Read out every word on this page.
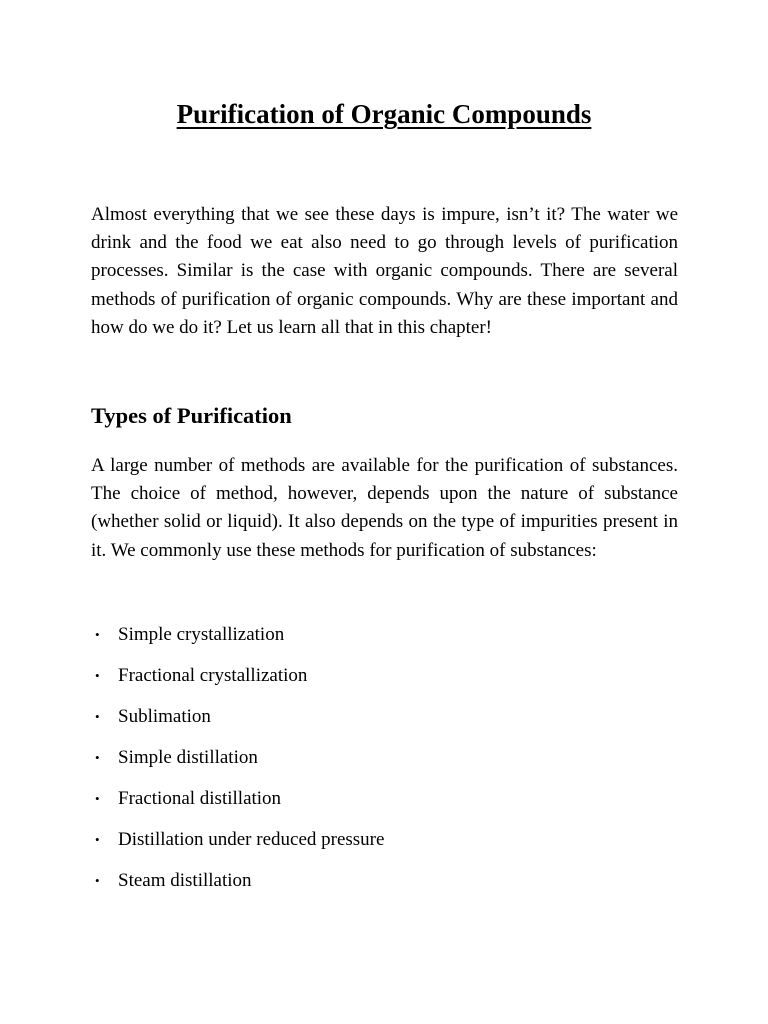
Purification of Organic Compounds

Almost everything that we see these days is impure, isn’t it? The water we drink and the food we eat also need to go through levels of purification processes. Similar is the case with organic compounds. There are several methods of purification of organic compounds. Why are these important and how do we do it? Let us learn all that in this chapter!

Types of Purification

A large number of methods are available for the purification of substances. The choice of method, however, depends upon the nature of substance (whether solid or liquid). It also depends on the type of impurities present in it. We commonly use these methods for purification of substances:

• Simple crystallization
• Fractional crystallization
• Sublimation
• Simple distillation
• Fractional distillation
• Distillation under reduced pressure
• Steam distillation
